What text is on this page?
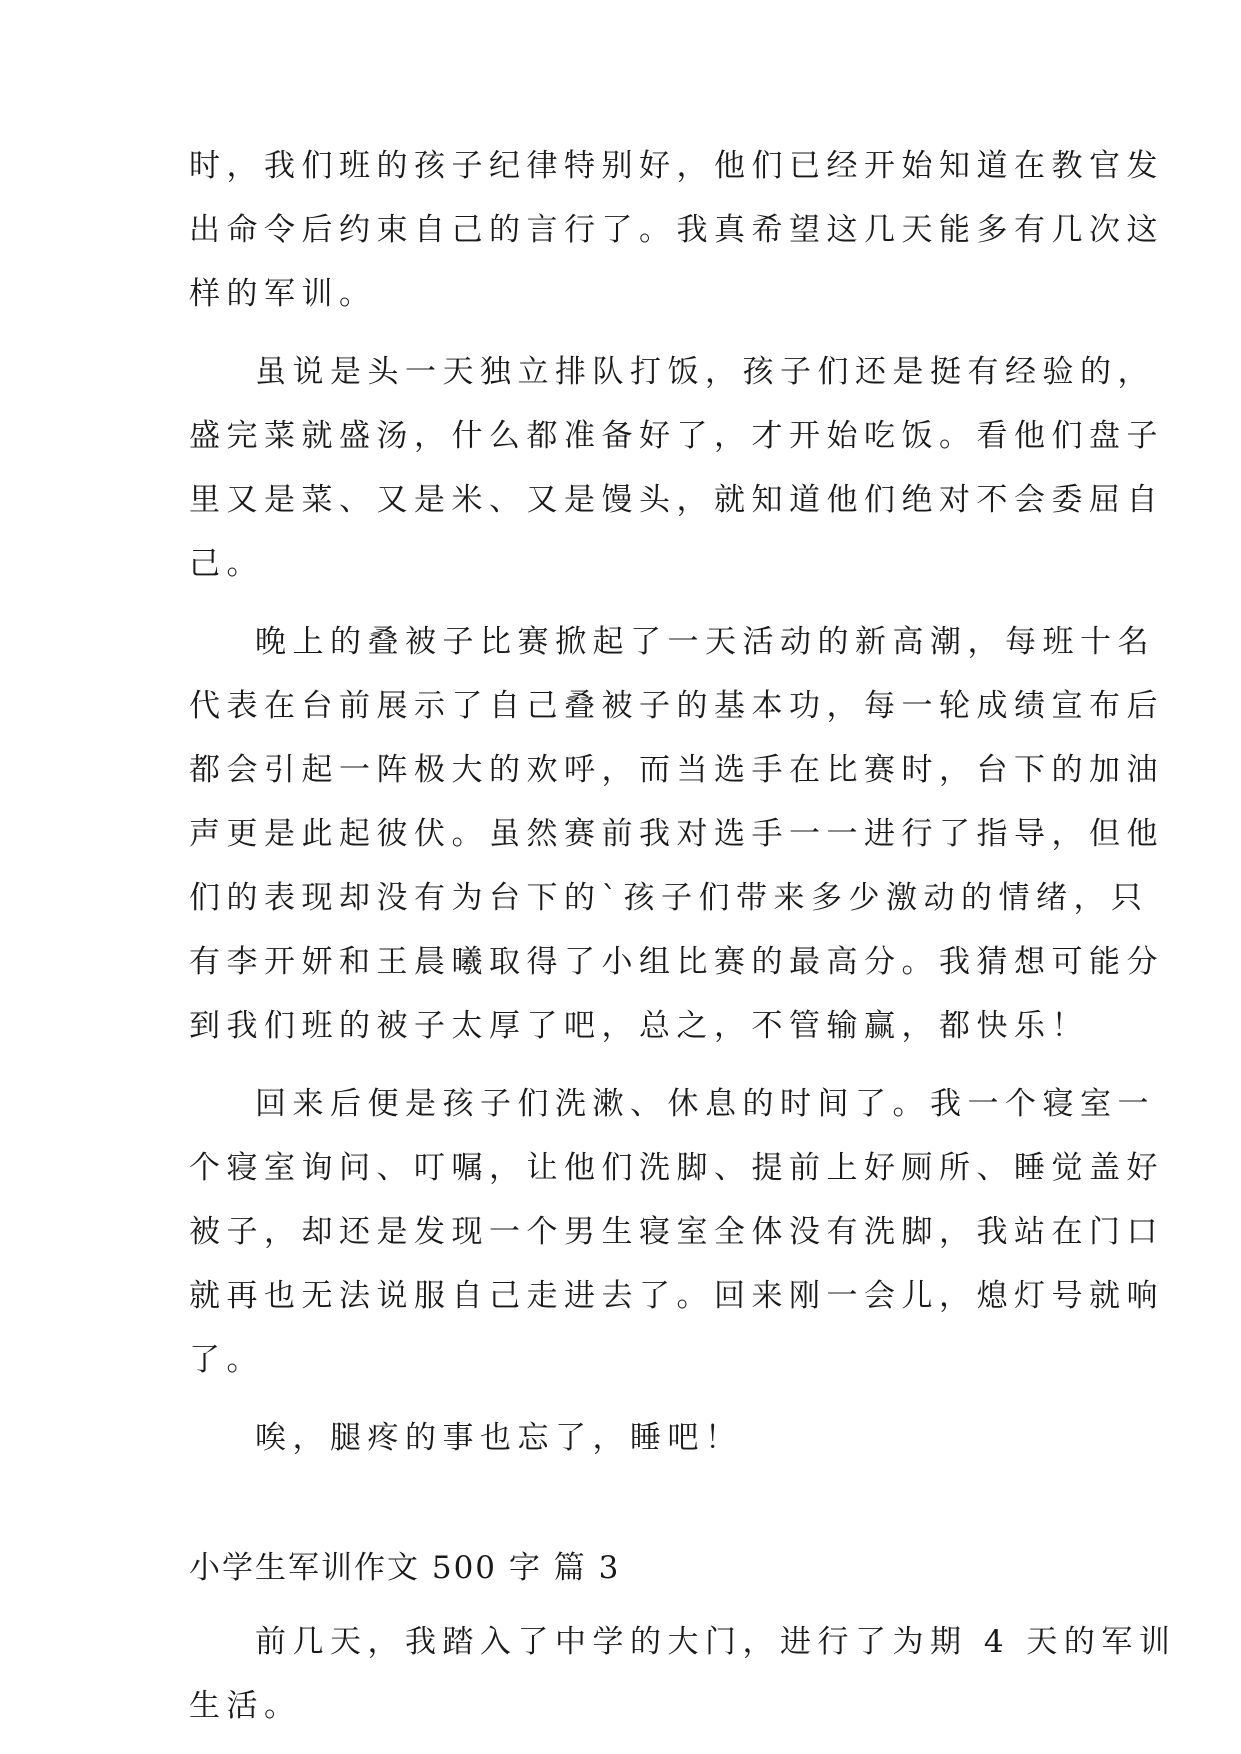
时，我们班的孩子纪律特别好，他们已经开始知道在教官发
出命令后约束自己的言行了。我真希望这几天能多有几次这
样的军训。
虽说是头一天独立排队打饭，孩子们还是挺有经验的，
盛完菜就盛汤，什么都准备好了，才开始吃饭。看他们盘子
里又是菜、又是米、又是馒头，就知道他们绝对不会委屈自
己。
晚上的叠被子比赛掀起了一天活动的新高潮，每班十名
代表在台前展示了自己叠被子的基本功，每一轮成绩宣布后
都会引起一阵极大的欢呼，而当选手在比赛时，台下的加油
声更是此起彼伏。虽然赛前我对选手一一进行了指导，但他
们的表现却没有为台下的`孩子们带来多少激动的情绪，只
有李开妍和王晨曦取得了小组比赛的最高分。我猜想可能分
到我们班的被子太厚了吧，总之，不管输赢，都快乐！
回来后便是孩子们洗漱、休息的时间了。我一个寝室一
个寝室询问、叮嘱，让他们洗脚、提前上好厕所、睡觉盖好
被子，却还是发现一个男生寝室全体没有洗脚，我站在门口
就再也无法说服自己走进去了。回来刚一会儿，熄灯号就响
了。
唉，腿疼的事也忘了，睡吧！
小学生军训作文 500 字 篇 3
前几天，我踏入了中学的大门，进行了为期 4 天的军训
生活。
